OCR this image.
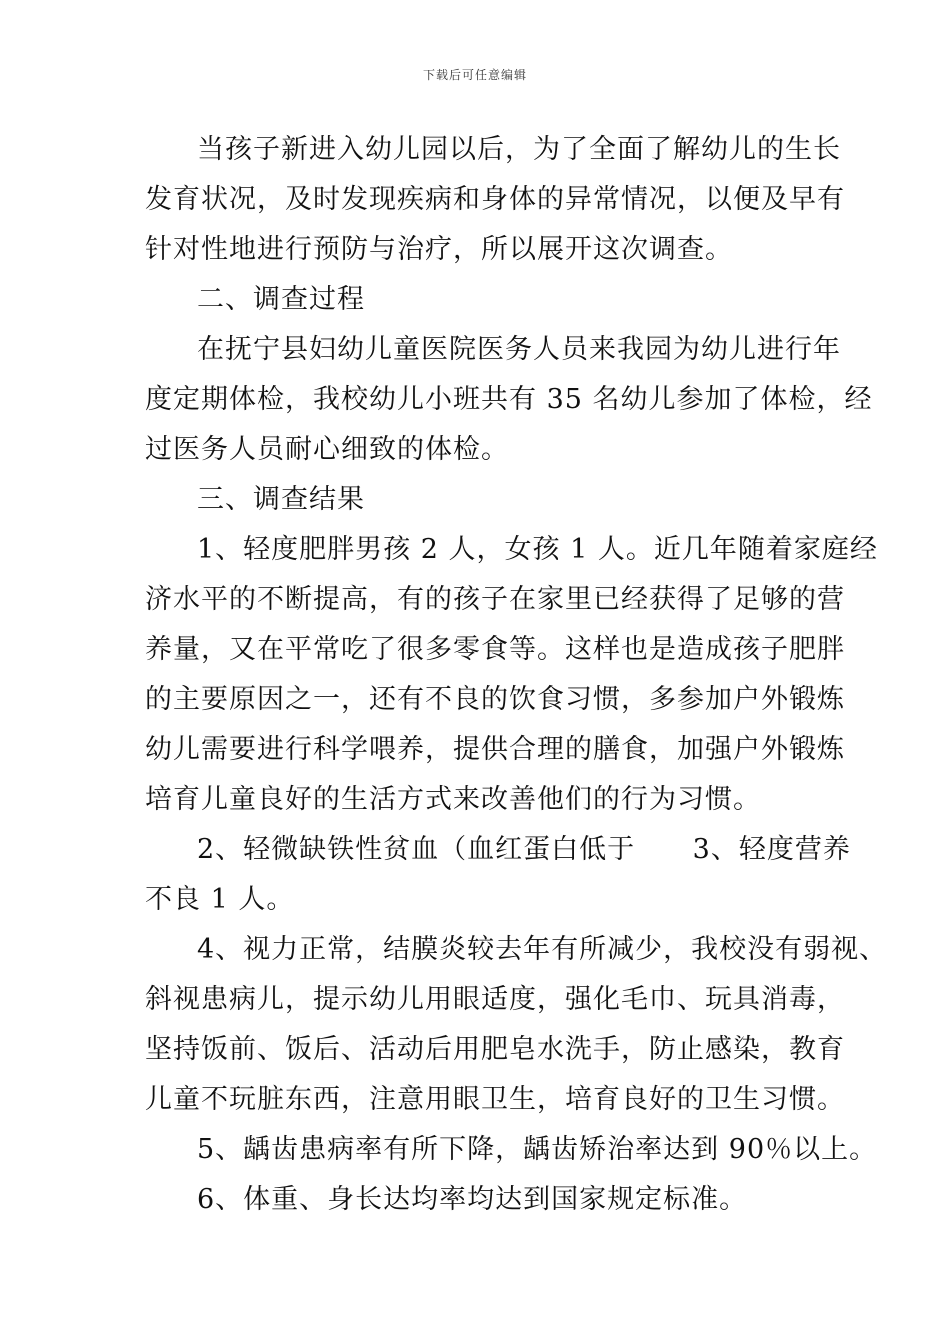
下载后可任意编辑
当孩子新进入幼儿园以后，为了全面了解幼儿的生长
发育状况，及时发现疾病和身体的异常情况，以便及早有
针对性地进行预防与治疗，所以展开这次调查。
二、调查过程
在抚宁县妇幼儿童医院医务人员来我园为幼儿进行年
度定期体检，我校幼儿小班共有 35 名幼儿参加了体检，经
过医务人员耐心细致的体检。
三、调查结果
1、轻度肥胖男孩 2 人，女孩 1 人。近几年随着家庭经
济水平的不断提高，有的孩子在家里已经获得了足够的营
养量，又在平常吃了很多零食等。这样也是造成孩子肥胖
的主要原因之一，还有不良的饮食习惯，多参加户外锻炼
幼儿需要进行科学喂养，提供合理的膳食，加强户外锻炼
培育儿童良好的生活方式来改善他们的行为习惯。
2、轻微缺铁性贫血（血红蛋白低于      3、轻度营养
不良 1 人。
4、视力正常，结膜炎较去年有所减少，我校没有弱视、
斜视患病儿，提示幼儿用眼适度，强化毛巾、玩具消毒，
坚持饭前、饭后、活动后用肥皂水洗手，防止感染，教育
儿童不玩脏东西，注意用眼卫生，培育良好的卫生习惯。
5、龋齿患病率有所下降，龋齿矫治率达到 90％以上。
6、体重、身长达均率均达到国家规定标准。
